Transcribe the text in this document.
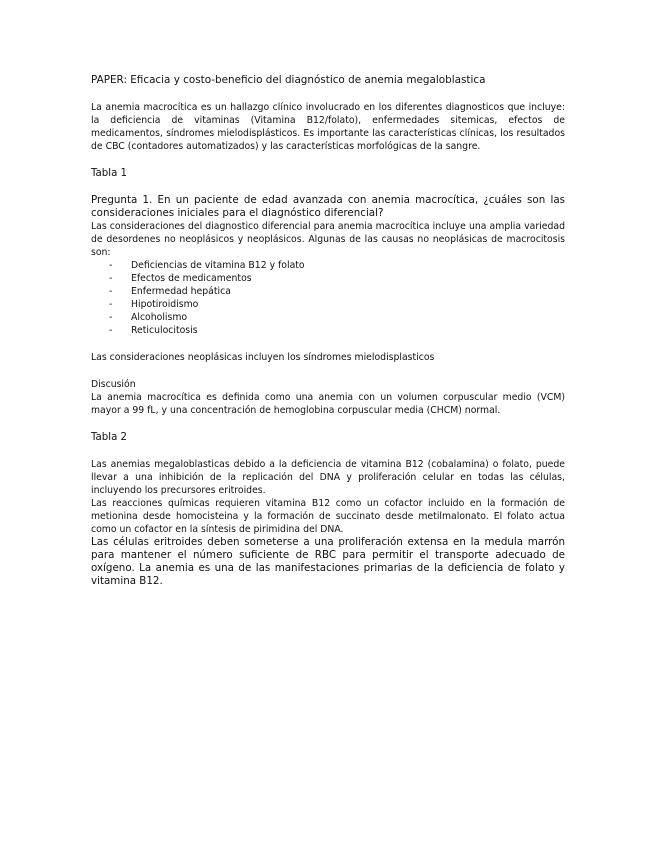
PAPER: Eficacia y costo-beneficio del diagnóstico de anemia megaloblastica

La anemia macrocítica es un hallazgo clínico involucrado en los diferentes diagnosticos que incluye: la deficiencia de vitaminas (Vitamina B12/folato), enfermedades sitemicas, efectos de medicamentos, síndromes mielodisplásticos. Es importante las características clínicas, los resultados de CBC (contadores automatizados) y las características morfológicas de la sangre.

Tabla 1

Pregunta 1. En un paciente de edad avanzada con anemia macrocítica, ¿cuáles son las consideraciones iniciales para el diagnóstico diferencial?

Las consideraciones del diagnostico diferencial para anemia macrocítica incluye una amplia variedad de desordenes no neoplásicos y neoplásicos. Algunas de las causas no neoplásicas de macrocitosis son:

- Deficiencias de vitamina B12 y folato
- Efectos de medicamentos
- Enfermedad hepática
- Hipotiroidismo
- Alcoholismo
- Reticulocitosis

Las consideraciones neoplásicas incluyen los síndromes mielodisplasticos

Discusión

La anemia macrocítica es definida como una anemia con un volumen corpuscular medio (VCM) mayor a 99 fL, y una concentración de hemoglobina corpuscular media (CHCM) normal.

Tabla 2

Las anemias megaloblasticas debido a la deficiencia de vitamina B12 (cobalamina) o folato, puede llevar a una inhibición de la replicación del DNA y proliferación celular en todas las células, incluyendo los precursores eritroides.

Las reacciones químicas requieren vitamina B12 como un cofactor incluido en la formación de metionina desde homocisteina y la formación de succinato desde metilmalonato. El folato actua como un cofactor en la síntesis de pirimidina del DNA.

Las células eritroides deben someterse a una proliferación extensa en la medula marrón para mantener el número suficiente de RBC para permitir el transporte adecuado de oxígeno. La anemia es una de las manifestaciones primarias de la deficiencia de folato y vitamina B12.
